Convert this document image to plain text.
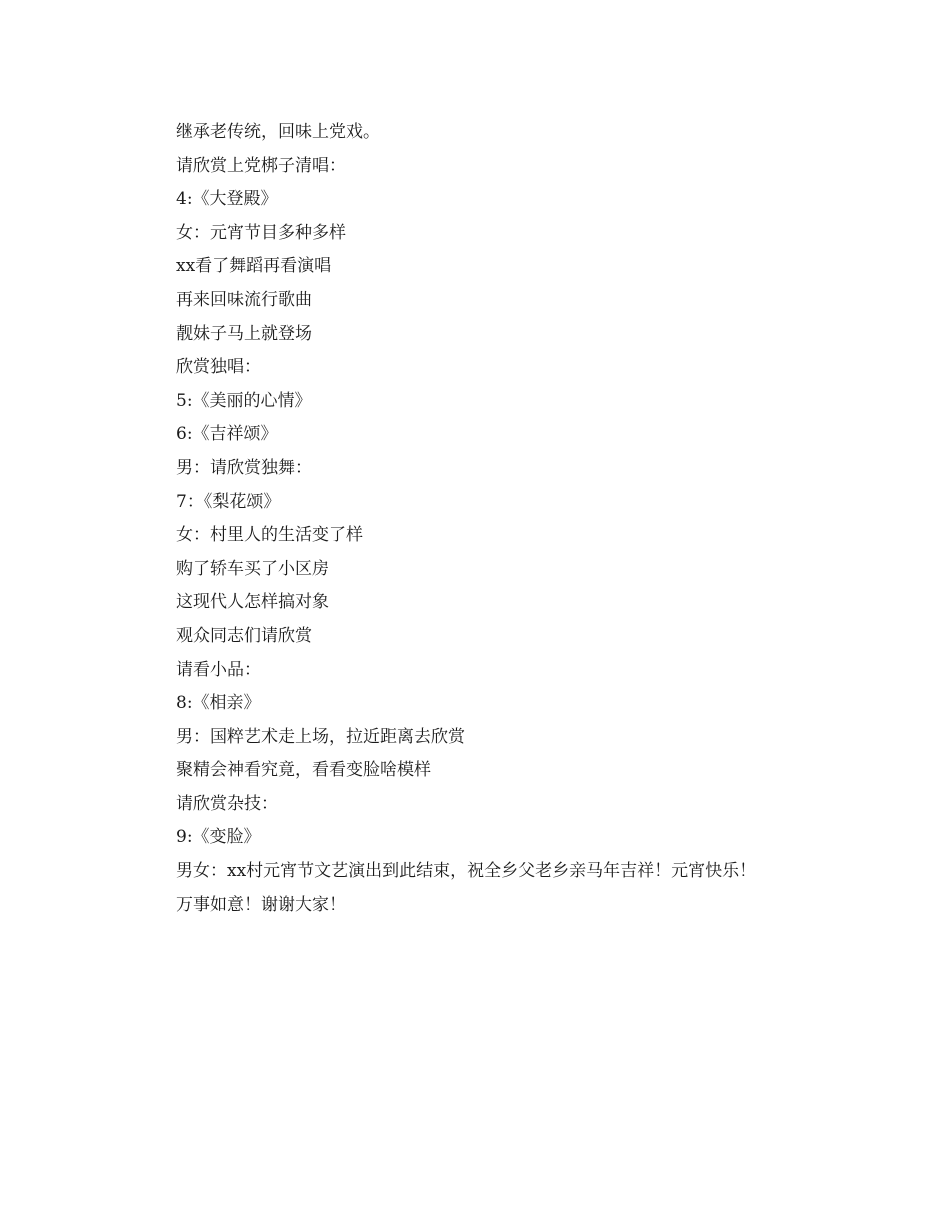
继承老传统，回味上党戏。

请欣赏上党梆子清唱：

4:《大登殿》

女：元宵节目多种多样

xx看了舞蹈再看演唱

再来回味流行歌曲

靓妹子马上就登场

欣赏独唱：

5:《美丽的心情》

6:《吉祥颂》

男：请欣赏独舞：

7：《梨花颂》

女：村里人的生活变了样

购了轿车买了小区房

这现代人怎样搞对象

观众同志们请欣赏

请看小品：

8:《相亲》

男：国粹艺术走上场，拉近距离去欣赏

聚精会神看究竟，看看变脸啥模样

请欣赏杂技：

9:《变脸》

男女：xx村元宵节文艺演出到此结束，祝全乡父老乡亲马年吉祥！元宵快乐！

万事如意！谢谢大家！
